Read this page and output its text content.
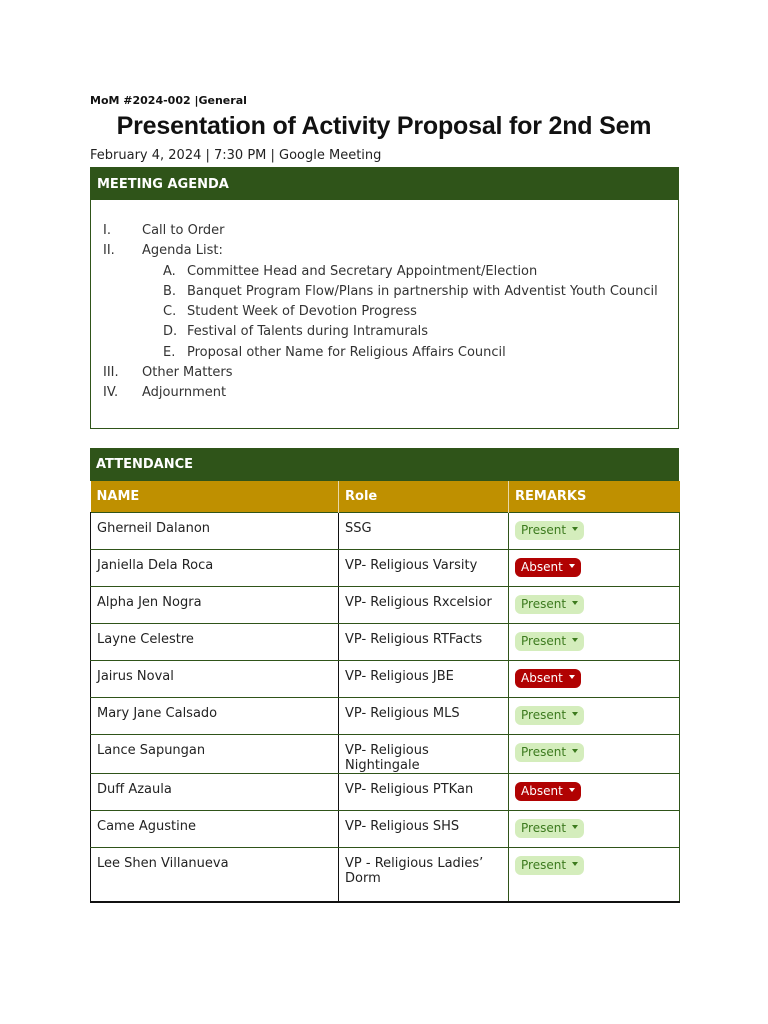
MoM #2024-002 |General
Presentation of Activity Proposal for 2nd Sem
February 4, 2024 | 7:30 PM | Google Meeting
MEETING AGENDA
I.	Call to Order
II.	Agenda List:
A. Committee Head and Secretary Appointment/Election
B. Banquet Program Flow/Plans in partnership with Adventist Youth Council
C. Student Week of Devotion Progress
D. Festival of Talents during Intramurals
E. Proposal other Name for Religious Affairs Council
III.	Other Matters
IV.	Adjournment
ATTENDANCE
NAME	Role	REMARKS
Gherneil Dalanon	SSG	Present
Janiella Dela Roca	VP- Religious Varsity	Absent
Alpha Jen Nogra	VP- Religious Rxcelsior	Present
Layne Celestre	VP- Religious RTFacts	Present
Jairus Noval	VP- Religious JBE	Absent
Mary Jane Calsado	VP- Religious MLS	Present
Lance Sapungan	VP- Religious Nightingale	Present
Duff Azaula	VP- Religious PTKan	Absent
Came Agustine	VP- Religious SHS	Present
Lee Shen Villanueva	VP - Religious Ladies’ Dorm	Present
